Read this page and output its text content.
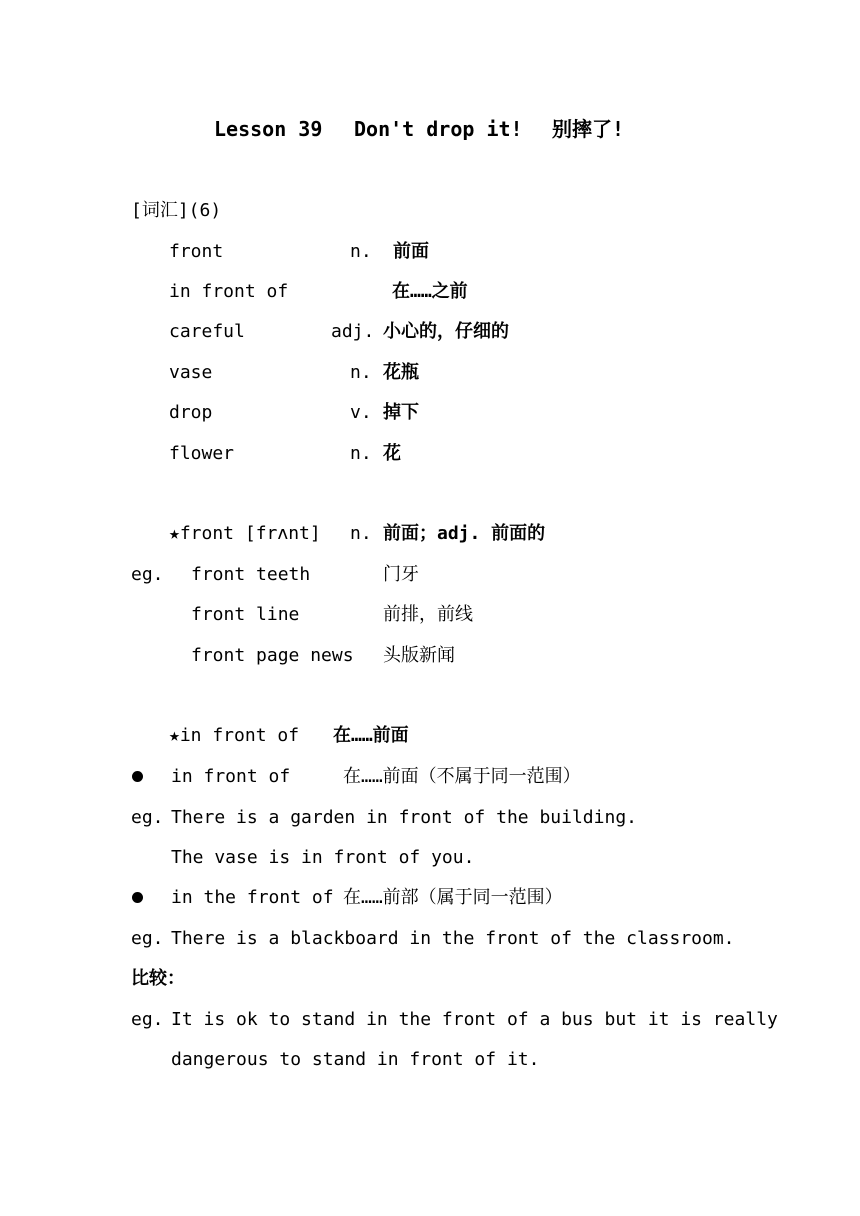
Lesson 39 Don't drop it! 别摔了!
[词汇](6)
front	n. 前面
in front of	在……之前
careful	adj. 小心的，仔细的
vase	n. 花瓶
drop	v. 掉下
flower	n. 花
★front [frʌnt] n. 前面；adj. 前面的
eg. front teeth	门牙
front line	前排，前线
front page news 头版新闻
★in front of 在……前面
in front of	在……前面（不属于同一范围）
eg. There is a garden in front of the building.
The vase is in front of you.
in the front of 在……前部（属于同一范围）
eg. There is a blackboard in the front of the classroom.
比较：
eg. It is ok to stand in the front of a bus but it is really
dangerous to stand in front of it.
